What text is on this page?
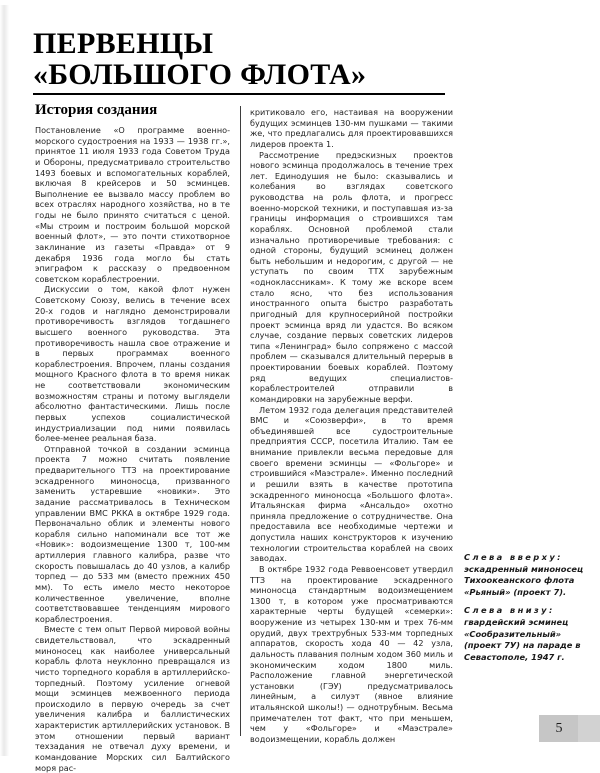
ПЕРВЕНЦЫ
«БОЛЬШОГО ФЛОТА»
История создания

Постановление «О программе военно-морского судостроения на 1933 — 1938 гг.», принятое 11 июля 1933 года Советом Труда и Обороны, предусматривало строительство 1493 боевых и вспомогательных кораблей, включая 8 крейсеров и 50 эсминцев. Выполнение ее вызвало массу проблем во всех отраслях народного хозяйства, но в те годы не было принято считаться с ценой. «Мы строим и построим большой морской военный флот», — это почти стихотворное заклинание из газеты «Правда» от 9 декабря 1936 года могло бы стать эпиграфом к рассказу о предвоенном советском кораблестроении.

Дискуссии о том, какой флот нужен Советскому Союзу, велись в течение всех 20-х годов и наглядно демонстрировали противоречивость взглядов тогдашнего высшего военного руководства. Эта противоречивость нашла свое отражение и в первых программах военного кораблестроения. Впрочем, планы создания мощного Красного флота в то время никак не соответствовали экономическим возможностям страны и потому выглядели абсолютно фантастическими. Лишь после первых успехов социалистической индустриализации под ними появилась более-менее реальная база.

Отправной точкой в создании эсминца проекта 7 можно считать появление предварительного ТТЗ на проектирование эскадренного миноносца, призванного заменить устаревшие «новики». Это задание рассматривалось в Техническом управлении ВМС РККА в октябре 1929 года. Первоначально облик и элементы нового корабля сильно напоминали все тот же «Новик»: водоизмещение 1300 т, 100-мм артиллерия главного калибра, разве что скорость повышалась до 40 узлов, а калибр торпед — до 533 мм (вместо прежних 450 мм). То есть имело место некоторое количественное увеличение, вполне соответствовавшее тенденциям мирового кораблестроения.

Вместе с тем опыт Первой мировой войны свидетельствовал, что эскадренный миноносец как наиболее универсальный корабль флота неуклонно превращался из чисто торпедного корабля в артиллерийско-торпедный. Поэтому усиление огневой мощи эсминцев межвоенного периода происходило в первую очередь за счет увеличения калибра и баллистических характеристик артиллерийских установок. В этом отношении первый вариант техзадания не отвечал духу времени, и командование Морских сил Балтийского моря рас-

критиковало его, настаивая на вооружении будущих эсминцев 130-мм пушками — такими же, что предлагались для проектировавшихся лидеров проекта 1.

Рассмотрение предэскизных проектов нового эсминца продолжалось в течение трех лет. Единодушия не было: сказывались и колебания во взглядах советского руководства на роль флота, и прогресс военно-морской техники, и поступавшая из-за границы информация о строившихся там кораблях. Основной проблемой стали изначально противоречивые требования: с одной стороны, будущий эсминец должен быть небольшим и недорогим, с другой — не уступать по своим ТТХ зарубежным «одноклассникам». К тому же вскоре всем стало ясно, что без использования иностранного опыта быстро разработать пригодный для крупносерийной постройки проект эсминца вряд ли удастся. Во всяком случае, создание первых советских лидеров типа «Ленинград» было сопряжено с массой проблем — сказывался длительный перерыв в проектировании боевых кораблей. Поэтому ряд ведущих специалистов-кораблестроителей отправили в командировки на зарубежные верфи.

Летом 1932 года делегация представителей ВМС и «Союзверфи», в то время объединявшей все судостроительные предприятия СССР, посетила Италию. Там ее внимание привлекли весьма передовые для своего времени эсминцы — «Фольгоре» и строившийся «Маэстрале». Именно последний и решили взять в качестве прототипа эскадренного миноносца «Большого флота». Итальянская фирма «Ансальдо» охотно приняла предложение о сотрудничестве. Она предоставила все необходимые чертежи и допустила наших конструкторов к изучению технологии строительства кораблей на своих заводах.

В октябре 1932 года Реввоенсовет утвердил ТТЗ на проектирование эскадренного миноносца стандартным водоизмещением 1300 т, в котором уже просматриваются характерные черты будущей «семерки»: вооружение из четырех 130-мм и трех 76-мм орудий, двух трехтрубных 533-мм торпедных аппаратов, скорость хода 40 — 42 узла, дальность плавания полным ходом 360 миль и экономическим ходом 1800 миль. Расположение главной энергетической установки (ГЭУ) предусматривалось линейным, а силуэт (явное влияние итальянской школы!) — однотрубным. Весьма примечателен тот факт, что при меньшем, чем у «Фольгоре» и «Маэстрале» водоизмещении, корабль должен

Слева вверху: эскадренный миноносец Тихоокеанского флота «Рьяный» (проект 7).
Слева внизу: гвардейский эсминец «Сообразительный» (проект 7У) на параде в Севастополе, 1947 г.
5
